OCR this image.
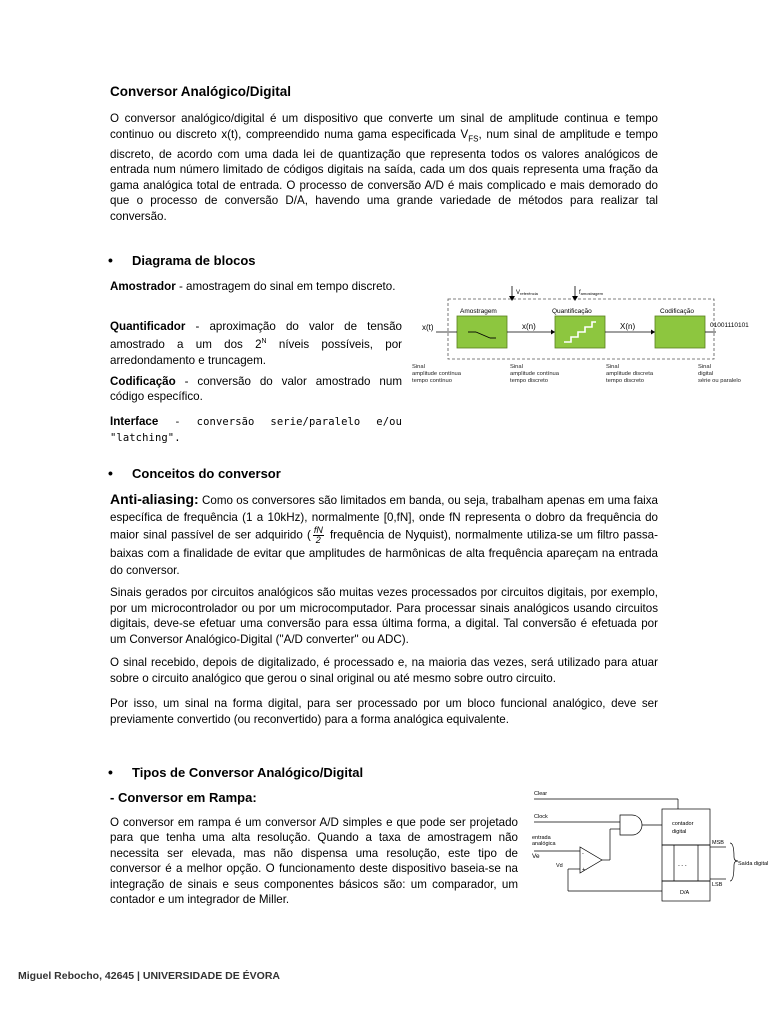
Conversor Analógico/Digital

O conversor analógico/digital é um dispositivo que converte um sinal de amplitude continua e tempo continuo ou discreto x(t), compreendido numa gama especificada $V_{FS}$, num sinal de amplitude e tempo discreto, de acordo com uma dada lei de quantização que representa todos os valores analógicos de entrada num número limitado de códigos digitais na saída, cada um dos quais representa uma fração da gama analógica total de entrada. O processo de conversão A/D é mais complicado e mais demorado do que o processo de conversão D/A, havendo uma grande variedade de métodos para realizar tal conversão.

• Diagrama de blocos

Amostrador - amostragem do sinal em tempo discreto.

Quantificador - aproximação do valor de tensão amostrado a um dos $2^N$ níveis possíveis, por arredondamento e truncagem.

Codificação - conversão do valor amostrado num código específico.

Interface - conversão serie/paralelo e/ou "latching".

Vreferência	famostragem
Amostragem	Quantificação	Codificação
x(t)	x(n)	X(n)	01001110101
Sinal
amplitude contínua
tempo contínuo
Sinal
amplitude contínua
tempo discreto
Sinal
amplitude discreta
tempo discreto
Sinal
digital
série ou paralelo
• Conceitos do conversor

Anti-aliasing: Como os conversores são limitados em banda, ou seja, trabalham apenas em uma faixa específica de frequência (1 a 10kHz), normalmente [0,fN], onde fN representa o dobro da frequência do maior sinal passível de ser adquirido ( $\frac{fN}{2}$ frequência de Nyquist), normalmente utiliza-se um filtro passa-baixas com a finalidade de evitar que amplitudes de harmônicas de alta frequência apareçam na entrada do conversor.

Sinais gerados por circuitos analógicos são muitas vezes processados por circuitos digitais, por exemplo, por um microcontrolador ou por um microcomputador. Para processar sinais analógicos usando circuitos digitais, deve-se efetuar uma conversão para essa última forma, a digital. Tal conversão é efetuada por um Conversor Analógico-Digital ("A/D converter" ou ADC).

O sinal recebido, depois de digitalizado, é processado e, na maioria das vezes, será utilizado para atuar sobre o circuito analógico que gerou o sinal original ou até mesmo sobre outro circuito.

Por isso, um sinal na forma digital, para ser processado por um bloco funcional analógico, deve ser previamente convertido (ou reconvertido) para a forma analógica equivalente.

• Tipos de Conversor Analógico/Digital
- Conversor em Rampa:

O conversor em rampa é um conversor A/D simples e que pode ser projetado para que tenha uma alta resolução. Quando a taxa de amostragem não necessita ser elevada, mas não dispensa uma resolução, este tipo de conversor é a melhor opção. O funcionamento deste dispositivo baseia-se na integração de sinais e seus componentes básicos são: um comparador, um contador e um integrador de Miller.

Clear
Clock
entrada
analógica
Ve
Vd
-
+
contador
digital
MSB
LSB
- - -	Saída digital
D/A
Miguel Rebocho, 42645 | UNIVERSIDADE DE ÉVORA
